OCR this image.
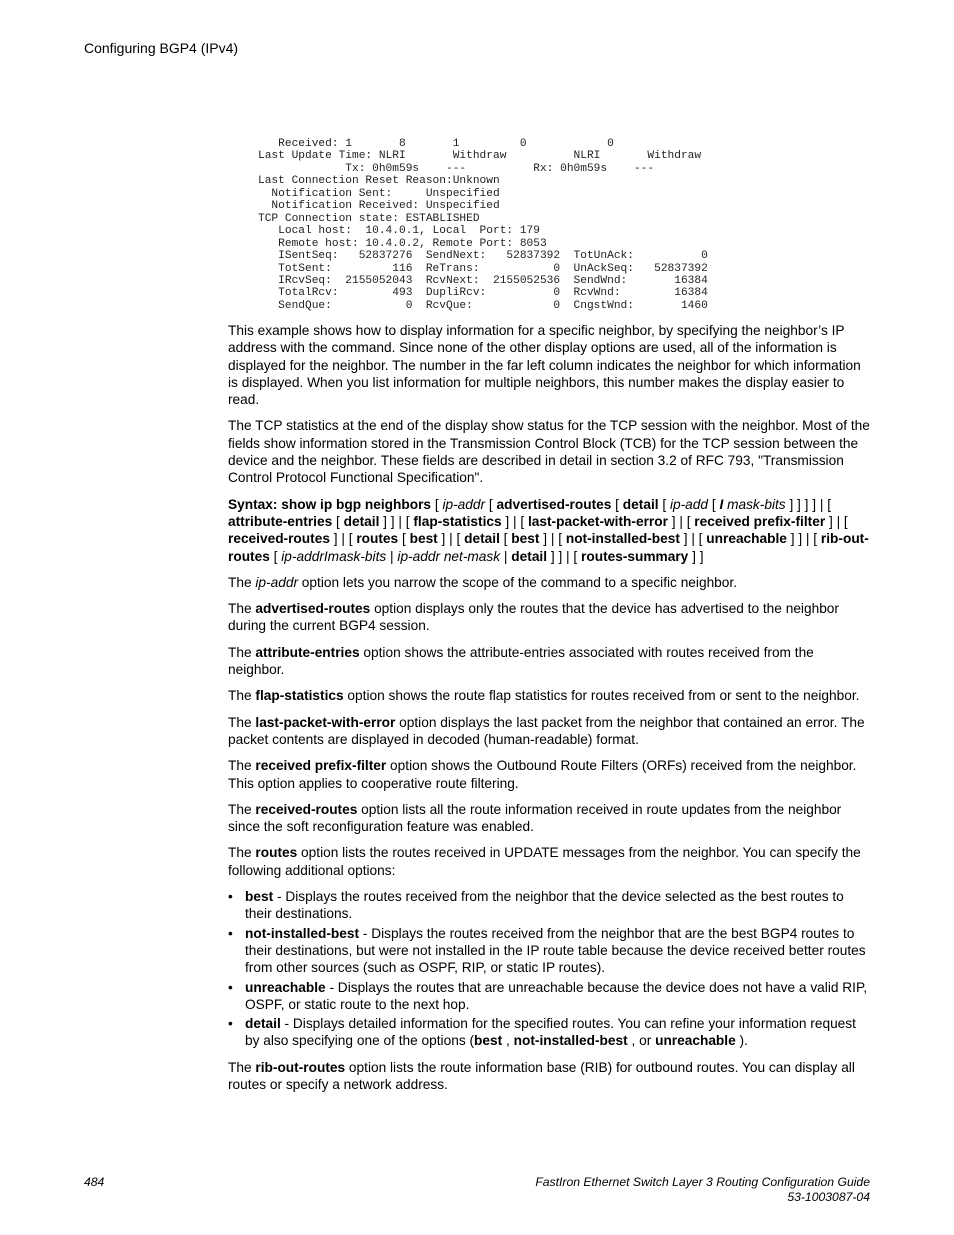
Configuring BGP4 (IPv4)
Received: 1       8       1         0            0
Last Update Time: NLRI       Withdraw          NLRI       Withdraw
Tx: 0h0m59s    ---          Rx: 0h0m59s    ---
Last Connection Reset Reason:Unknown
Notification Sent:     Unspecified
Notification Received: Unspecified
TCP Connection state: ESTABLISHED
Local host:  10.4.0.1, Local  Port: 179
Remote host: 10.4.0.2, Remote Port: 8053
ISentSeq:   52837276  SendNext:   52837392  TotUnAck:          0
TotSent:         116  ReTrans:           0  UnAckSeq:   52837392
IRcvSeq:  2155052043  RcvNext:  2155052536  SendWnd:       16384
TotalRcv:        493  DupliRcv:          0  RcvWnd:        16384
SendQue:           0  RcvQue:            0  CngstWnd:       1460

This example shows how to display information for a specific neighbor, by specifying the neighbor’s IP address with the command. Since none of the other display options are used, all of the information is displayed for the neighbor. The number in the far left column indicates the neighbor for which information is displayed. When you list information for multiple neighbors, this number makes the display easier to read.

The TCP statistics at the end of the display show status for the TCP session with the neighbor. Most of the fields show information stored in the Transmission Control Block (TCB) for the TCP session between the device and the neighbor. These fields are described in detail in section 3.2 of RFC 793, "Transmission Control Protocol Functional Specification".

Syntax: show ip bgp neighbors [ ip-addr [ advertised-routes [ detail [ ip-add [ I mask-bits ] ] ] ] | [ attribute-entries [ detail ] ] | [ flap-statistics ] | [ last-packet-with-error ] | [ received prefix-filter ] | [ received-routes ] | [ routes [ best ] | [ detail [ best ] | [ not-installed-best ] | [ unreachable ] ] | [ rib-out-routes [ ip-addrImask-bits | ip-addr net-mask | detail ] ] | [ routes-summary ] ]

The ip-addr option lets you narrow the scope of the command to a specific neighbor.

The advertised-routes option displays only the routes that the device has advertised to the neighbor during the current BGP4 session.

The attribute-entries option shows the attribute-entries associated with routes received from the neighbor.

The flap-statistics option shows the route flap statistics for routes received from or sent to the neighbor.

The last-packet-with-error option displays the last packet from the neighbor that contained an error. The packet contents are displayed in decoded (human-readable) format.

The received prefix-filter option shows the Outbound Route Filters (ORFs) received from the neighbor. This option applies to cooperative route filtering.

The received-routes option lists all the route information received in route updates from the neighbor since the soft reconfiguration feature was enabled.

The routes option lists the routes received in UPDATE messages from the neighbor. You can specify the following additional options:

• best - Displays the routes received from the neighbor that the device selected as the best routes to their destinations.
• not-installed-best - Displays the routes received from the neighbor that are the best BGP4 routes to their destinations, but were not installed in the IP route table because the device received better routes from other sources (such as OSPF, RIP, or static IP routes).
• unreachable - Displays the routes that are unreachable because the device does not have a valid RIP, OSPF, or static route to the next hop.
• detail - Displays detailed information for the specified routes. You can refine your information request by also specifying one of the options (best , not-installed-best , or unreachable ).

The rib-out-routes option lists the route information base (RIB) for outbound routes. You can display all routes or specify a network address.

484	FastIron Ethernet Switch Layer 3 Routing Configuration Guide
53-1003087-04
